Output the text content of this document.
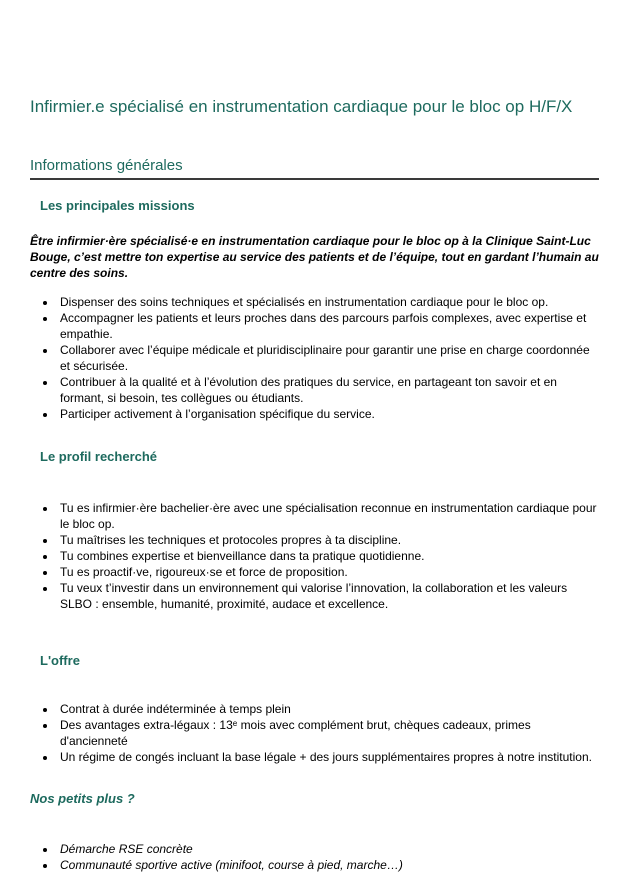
Infirmier.e spécialisé en instrumentation cardiaque pour le bloc op H/F/X
Informations générales
Les principales missions

Être infirmier·ère spécialisé·e en instrumentation cardiaque pour le bloc op à la Clinique Saint-Luc Bouge, c’est mettre ton expertise au service des patients et de l’équipe, tout en gardant l’humain au centre des soins.

• Dispenser des soins techniques et spécialisés en instrumentation cardiaque pour le bloc op.
• Accompagner les patients et leurs proches dans des parcours parfois complexes, avec expertise et empathie.
• Collaborer avec l’équipe médicale et pluridisciplinaire pour garantir une prise en charge coordonnée et sécurisée.
• Contribuer à la qualité et à l’évolution des pratiques du service, en partageant ton savoir et en formant, si besoin, tes collègues ou étudiants.
• Participer activement à l’organisation spécifique du service.
Le profil recherché
• Tu es infirmier·ère bachelier·ère avec une spécialisation reconnue en instrumentation cardiaque pour le bloc op.
• Tu maîtrises les techniques et protocoles propres à ta discipline.
• Tu combines expertise et bienveillance dans ta pratique quotidienne.
• Tu es proactif·ve, rigoureux·se et force de proposition.
• Tu veux t’investir dans un environnement qui valorise l’innovation, la collaboration et les valeurs SLBO : ensemble, humanité, proximité, audace et excellence.
L'offre
• Contrat à durée indéterminée à temps plein
• Des avantages extra-légaux : 13ᵉ mois avec complément brut, chèques cadeaux, primes d'ancienneté
• Un régime de congés incluant la base légale + des jours supplémentaires propres à notre institution.
Nos petits plus ?
• Démarche RSE concrète
• Communauté sportive active (minifoot, course à pied, marche…)
